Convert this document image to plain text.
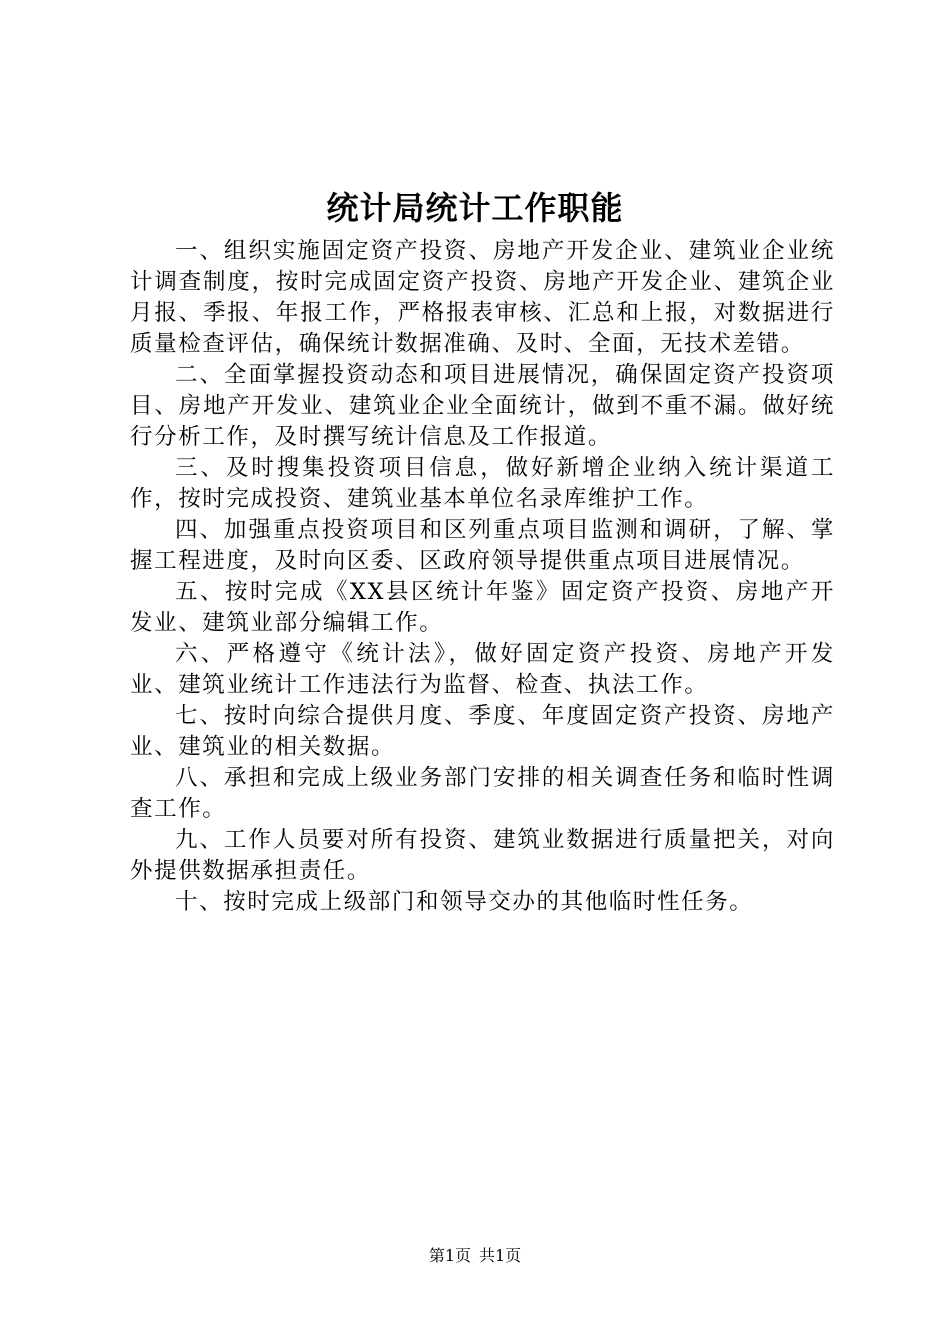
统计局统计工作职能

一、组织实施固定资产投资、房地产开发企业、建筑业企业统计调查制度，按时完成固定资产投资、房地产开发企业、建筑企业月报、季报、年报工作，严格报表审核、汇总和上报，对数据进行质量检查评估，确保统计数据准确、及时、全面，无技术差错。

二、全面掌握投资动态和项目进展情况，确保固定资产投资项目、房地产开发业、建筑业企业全面统计，做到不重不漏。做好统行分析工作，及时撰写统计信息及工作报道。

三、及时搜集投资项目信息，做好新增企业纳入统计渠道工作，按时完成投资、建筑业基本单位名录库维护工作。

四、加强重点投资项目和区列重点项目监测和调研，了解、掌握工程进度，及时向区委、区政府领导提供重点项目进展情况。

五、按时完成《XX县区统计年鉴》固定资产投资、房地产开发业、建筑业部分编辑工作。

六、严格遵守《统计法》，做好固定资产投资、房地产开发业、建筑业统计工作违法行为监督、检查、执法工作。

七、按时向综合提供月度、季度、年度固定资产投资、房地产业、建筑业的相关数据。

八、承担和完成上级业务部门安排的相关调查任务和临时性调查工作。

九、工作人员要对所有投资、建筑业数据进行质量把关，对向外提供数据承担责任。

十、按时完成上级部门和领导交办的其他临时性任务。

第1页 共1页
